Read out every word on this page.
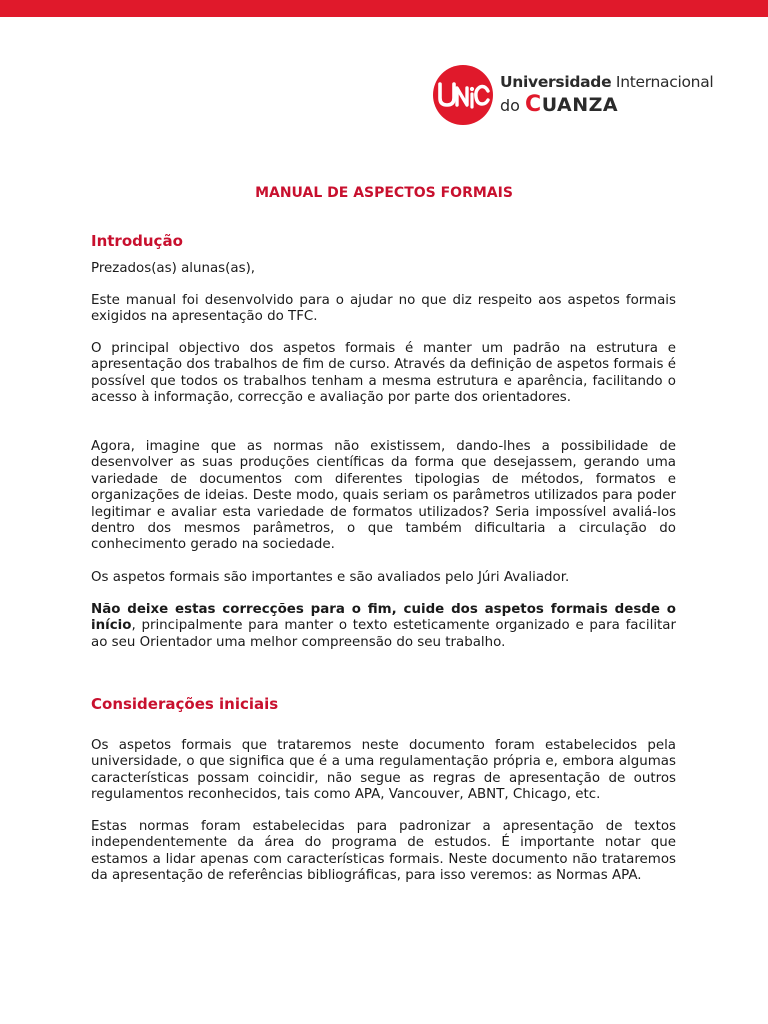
Universidade Internacional
do CUANZA
MANUAL DE ASPECTOS FORMAIS
Introdução

Prezados(as) alunas(as),

Este manual foi desenvolvido para o ajudar no que diz respeito aos aspetos formais exigidos na apresentação do TFC.

O principal objectivo dos aspetos formais é manter um padrão na estrutura e apresentação dos trabalhos de fim de curso. Através da definição de aspetos formais é possível que todos os trabalhos tenham a mesma estrutura e aparência, facilitando o acesso à informação, correcção e avaliação por parte dos orientadores.

Agora, imagine que as normas não existissem, dando-lhes a possibilidade de desenvolver as suas produções científicas da forma que desejassem, gerando uma variedade de documentos com diferentes tipologias de métodos, formatos e organizações de ideias. Deste modo, quais seriam os parâmetros utilizados para poder legitimar e avaliar esta variedade de formatos utilizados? Seria impossível avaliá-los dentro dos mesmos parâmetros, o que também dificultaria a circulação do conhecimento gerado na sociedade.

Os aspetos formais são importantes e são avaliados pelo Júri Avaliador.

Não deixe estas correcções para o fim, cuide dos aspetos formais desde o início, principalmente para manter o texto esteticamente organizado e para facilitar ao seu Orientador uma melhor compreensão do seu trabalho.

Considerações iniciais

Os aspetos formais que trataremos neste documento foram estabelecidos pela universidade, o que significa que é a uma regulamentação própria e, embora algumas características possam coincidir, não segue as regras de apresentação de outros regulamentos reconhecidos, tais como APA, Vancouver, ABNT, Chicago, etc.

Estas normas foram estabelecidas para padronizar a apresentação de textos independentemente da área do programa de estudos. É importante notar que estamos a lidar apenas com características formais. Neste documento não trataremos da apresentação de referências bibliográficas, para isso veremos: as Normas APA.
